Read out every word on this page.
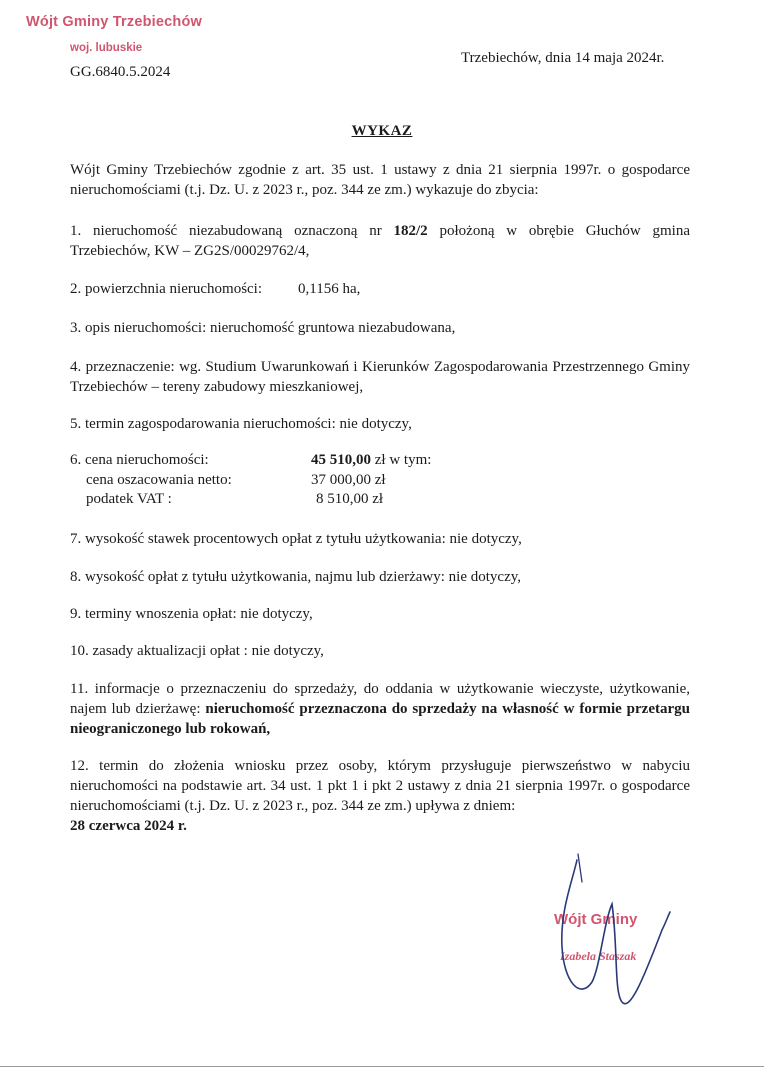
Wójt Gminy Trzebiechów
woj. lubuskie
GG.6840.5.2024
Trzebiechów, dnia 14 maja 2024r.
WYKAZ
Wójt Gminy Trzebiechów zgodnie z art. 35 ust. 1 ustawy z dnia 21 sierpnia 1997r. o gospodarce nieruchomościami (t.j. Dz. U. z 2023 r., poz. 344 ze zm.) wykazuje do zbycia:
1. nieruchomość niezabudowaną oznaczoną nr 182/2 położoną w obrębie Głuchów gmina Trzebiechów, KW – ZG2S/00029762/4,
2. powierzchnia nieruchomości: 0,1156 ha,
3. opis nieruchomości: nieruchomość gruntowa niezabudowana,
4. przeznaczenie: wg. Studium Uwarunkowań i Kierunków Zagospodarowania Przestrzennego Gminy Trzebiechów – tereny zabudowy mieszkaniowej,
5. termin zagospodarowania nieruchomości: nie dotyczy,
6. cena nieruchomości:	45 510,00 zł w tym:
cena oszacowania netto:	37 000,00 zł
podatek VAT :	8 510,00 zł
7. wysokość stawek procentowych opłat z tytułu użytkowania: nie dotyczy,
8. wysokość opłat z tytułu użytkowania, najmu lub dzierżawy: nie dotyczy,
9. terminy wnoszenia opłat: nie dotyczy,
10. zasady aktualizacji opłat : nie dotyczy,
11. informacje o przeznaczeniu do sprzedaży, do oddania w użytkowanie wieczyste, użytkowanie, najem lub dzierżawę: nieruchomość przeznaczona do sprzedaży na własność w formie przetargu nieograniczonego lub rokowań,
12. termin do złożenia wniosku przez osoby, którym przysługuje pierwszeństwo w nabyciu nieruchomości na podstawie art. 34 ust. 1 pkt 1 i pkt 2 ustawy z dnia 21 sierpnia 1997r. o gospodarce nieruchomościami (t.j. Dz. U. z 2023 r., poz. 344 ze zm.) upływa z dniem:
28 czerwca 2024 r.
Wójt Gminy
Izabela Staszak
